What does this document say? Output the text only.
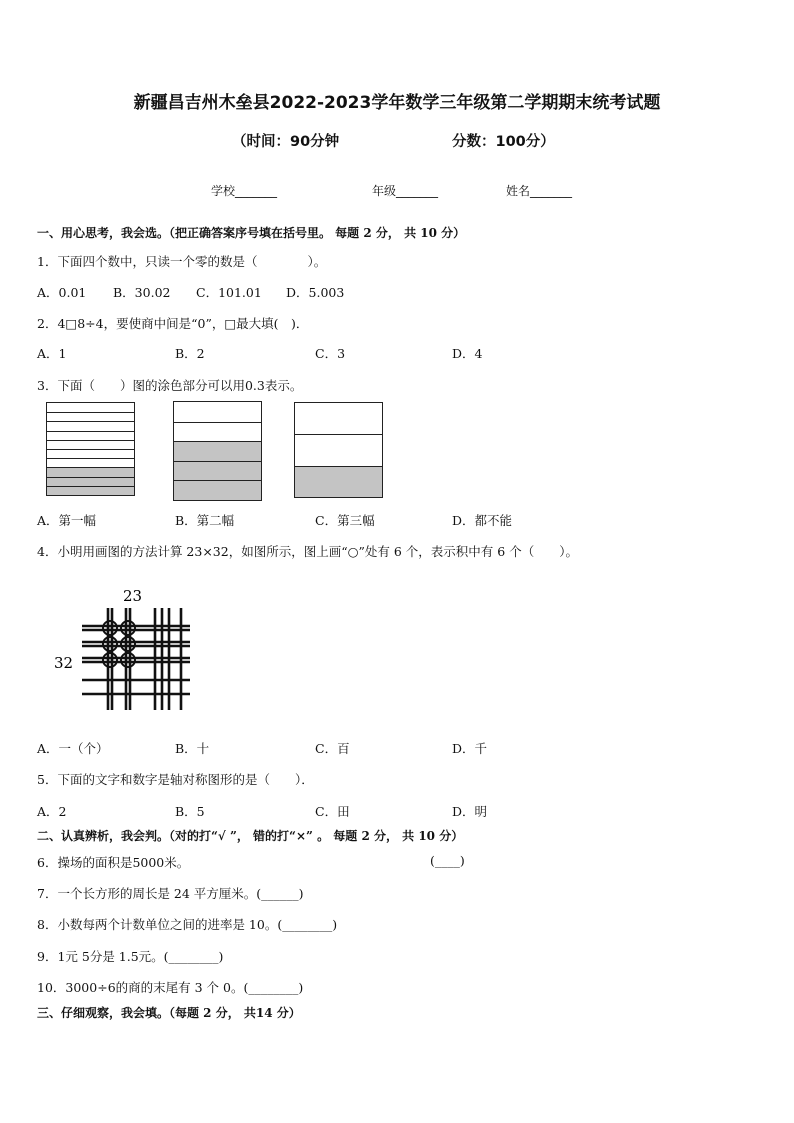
新疆昌吉州木垒县2022-2023学年数学三年级第二学期期末统考试题
（时间：90分钟	分数：100分）
学校_______	年级_______	姓名_______
一、用心思考，我会选。（把正确答案序号填在括号里。 每题 2 分， 共 10 分）
1．下面四个数中，只读一个零的数是（　　　　）。
A．0.01 B．30.02 C．101.01 D．5.003
2．4□8÷4，要使商中间是“0”，□最大填(　)．
A．1	B．2	C．3	D．4
3．下面（　　）图的涂色部分可以用0.3表示。
A．第一幅	B．第二幅	C．第三幅	D．都不能
4．小明用画图的方法计算 23×32，如图所示，图上画“○”处有 6 个，表示积中有 6 个（　　）。
23
32
A．一（个）	B．十	C．百	D．千
5．下面的文字和数字是轴对称图形的是（　　）．
A．2	B．5	C．田	D．明
二、认真辨析，我会判。（对的打“√ ”， 错的打“×” 。 每题 2 分， 共 10 分）
6．操场的面积是5000米。	(____)
7．一个长方形的周长是 24 平方厘米。(______)
8．小数每两个计数单位之间的进率是 10。(________)
9．1元 5分是 1.5元。(________)
10．3000÷6的商的末尾有 3 个 0。(________)
三、仔细观察，我会填。（每题 2 分， 共14 分）
